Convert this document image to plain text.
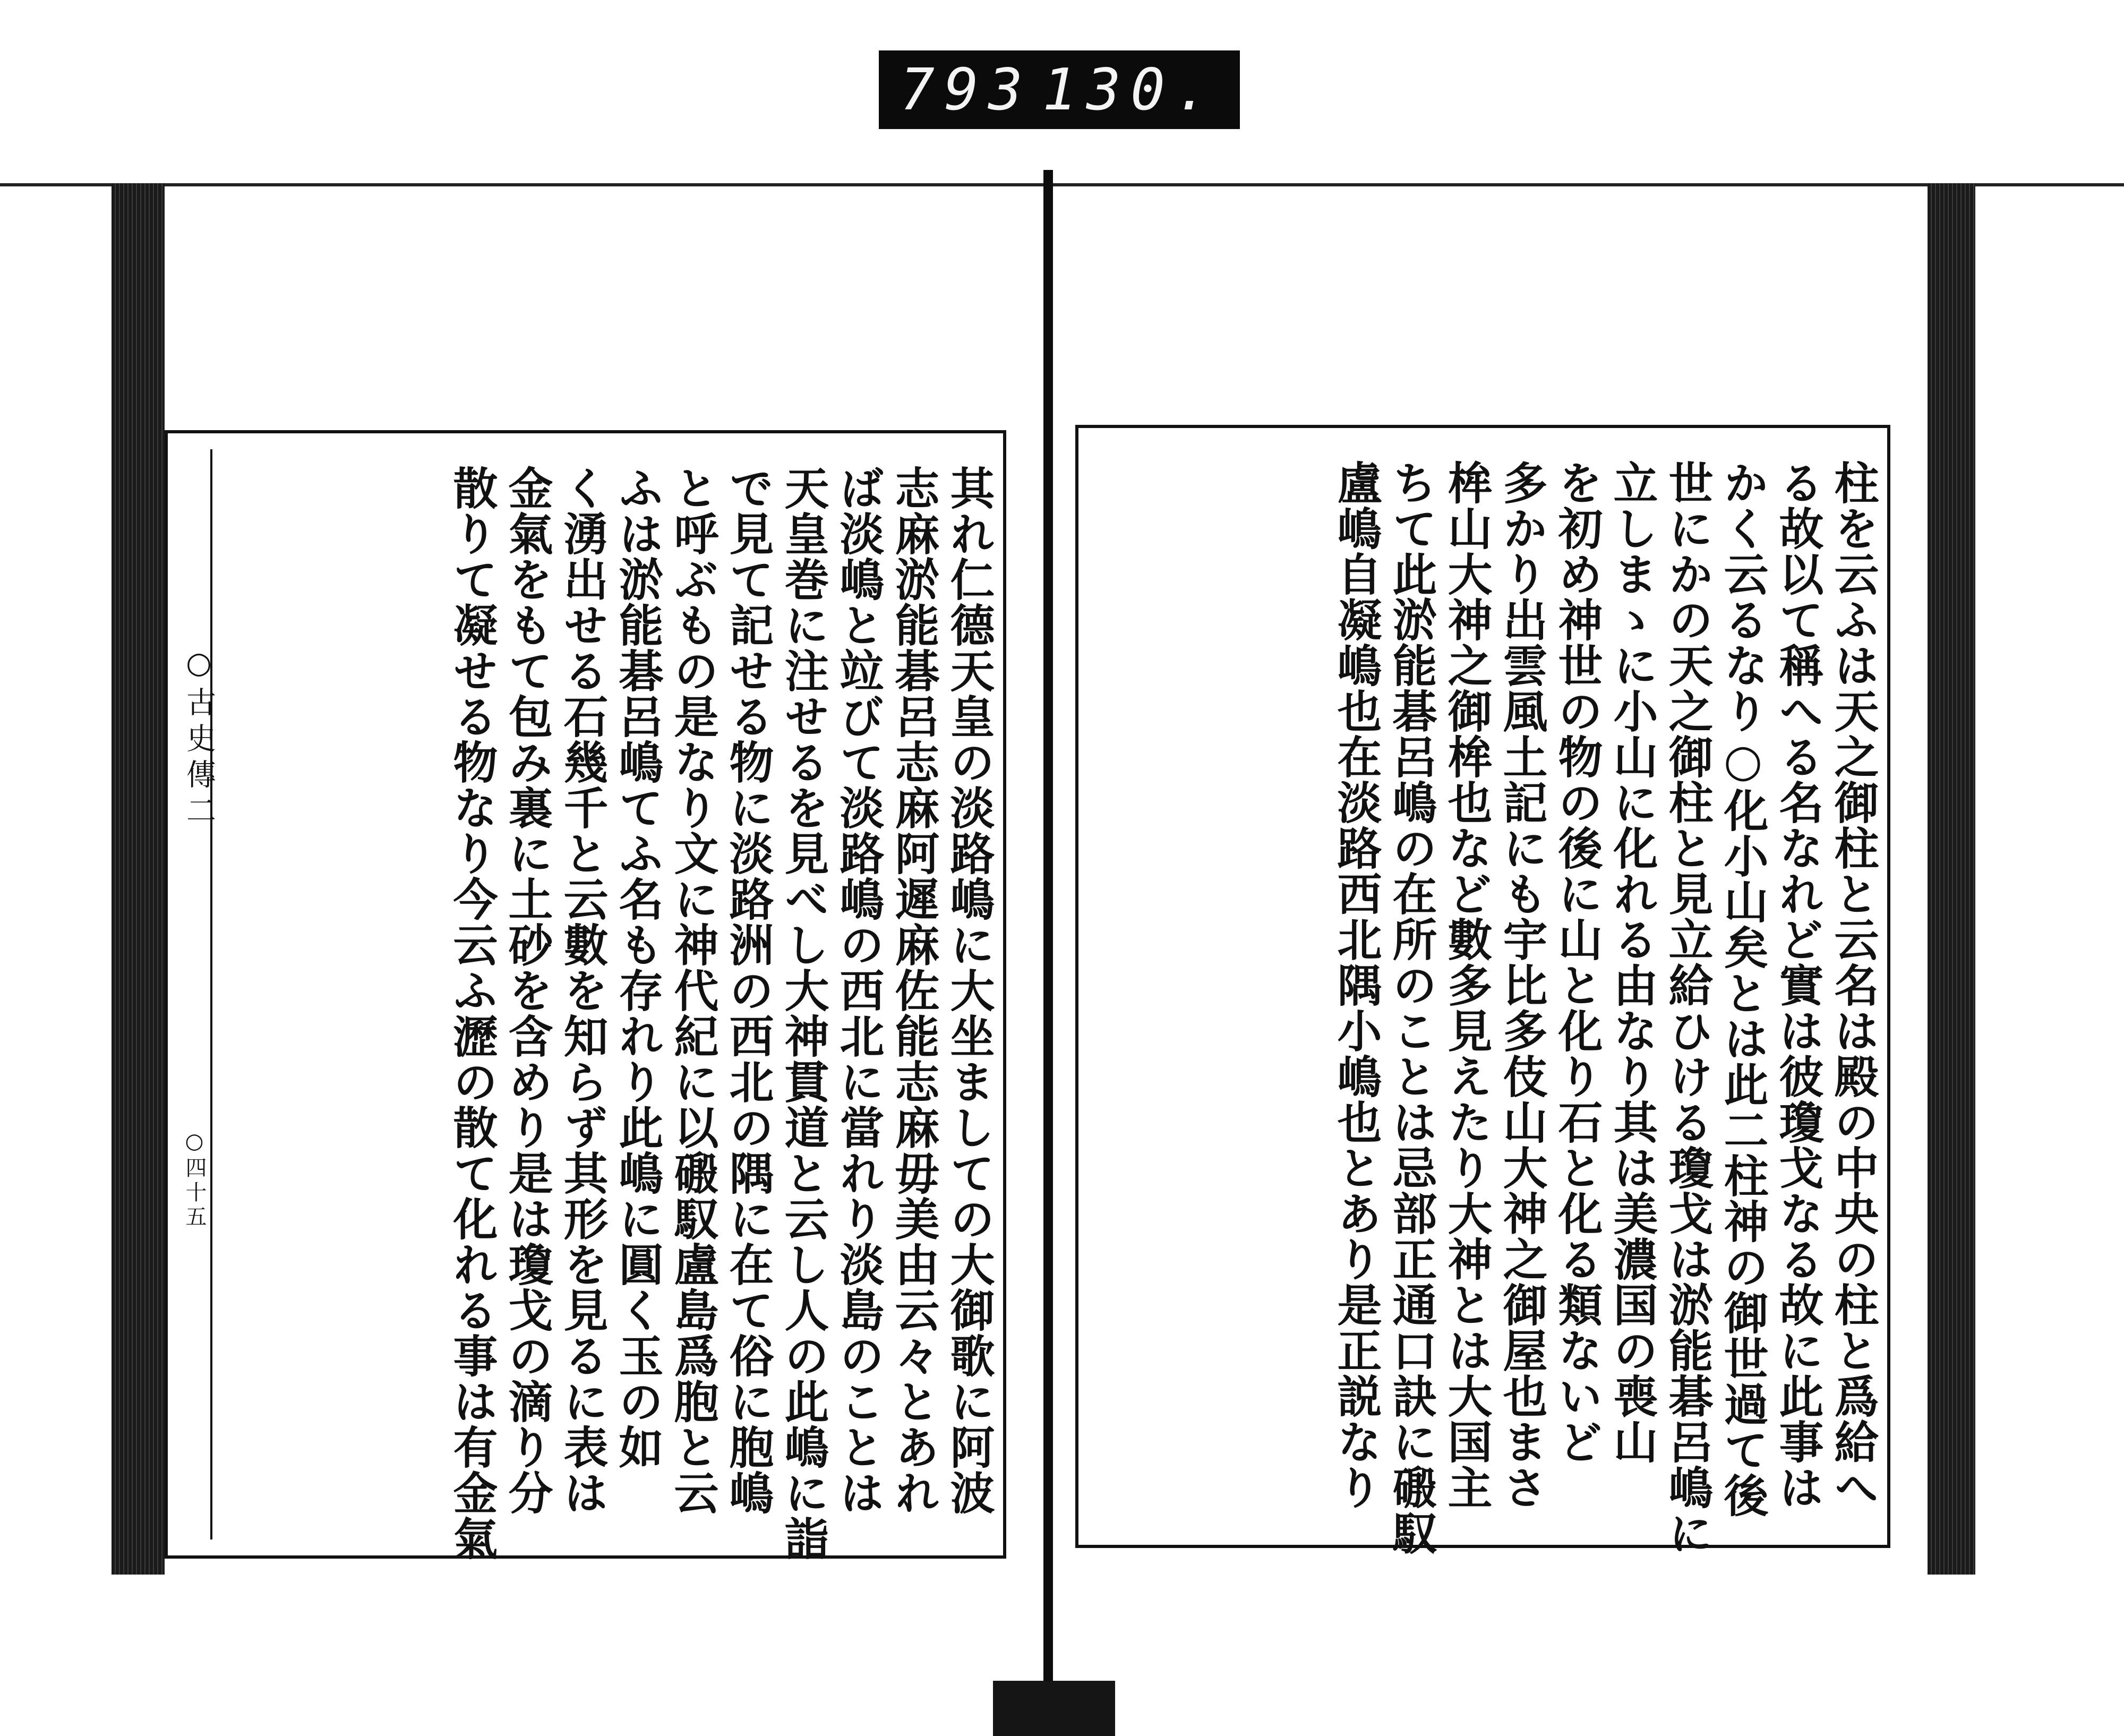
793 130.
○古史傳二
○四十五	其れ仁德天皇の淡路嶋に大坐ましての大御歌に阿波
志麻淤能碁呂志麻阿遲麻佐能志麻毋美由云々とあれ
ば淡嶋と竝びて淡路嶋の西北に當れり淡島のことは
天皇巻に注せるを見べし大神貫道と云し人の此嶋に詣
で見て記せる物に淡路洲の西北の隅に在て俗に胞嶋
と呼ぶもの是なり文に神代紀に以磤馭盧島爲胞と云
ふは淤能碁呂嶋てふ名も存れり此嶋に圓く玉の如
く湧出せる石幾千と云數を知らず其形を見るに表は
金氣をもて包み裏に土砂を含めり是は瓊戈の滴り分
散りて凝せる物なり今云ふ瀝の散て化れる事は有金氣	柱を云ふは天之御柱と云名は殿の中央の柱と爲給へ
る故以て稱へる名なれど實は彼瓊戈なる故に此事は
かく云るなり○化小山矣とは此二柱神の御世過て後
世にかの天之御柱と見立給ひける瓊戈は淤能碁呂嶋に
立しまゝに小山に化れる由なり其は美濃国の喪山
を初め神世の物の後に山と化り石と化る類ないど
多かり出雲風土記にも宇比多伎山大神之御屋也まさ
桙山大神之御桙也など數多見えたり大神とは大国主
ちて此淤能碁呂嶋の在所のことは忌部正通口訣に磤馭
盧嶋自凝嶋也在淡路西北隅小嶋也とあり是正説なり
